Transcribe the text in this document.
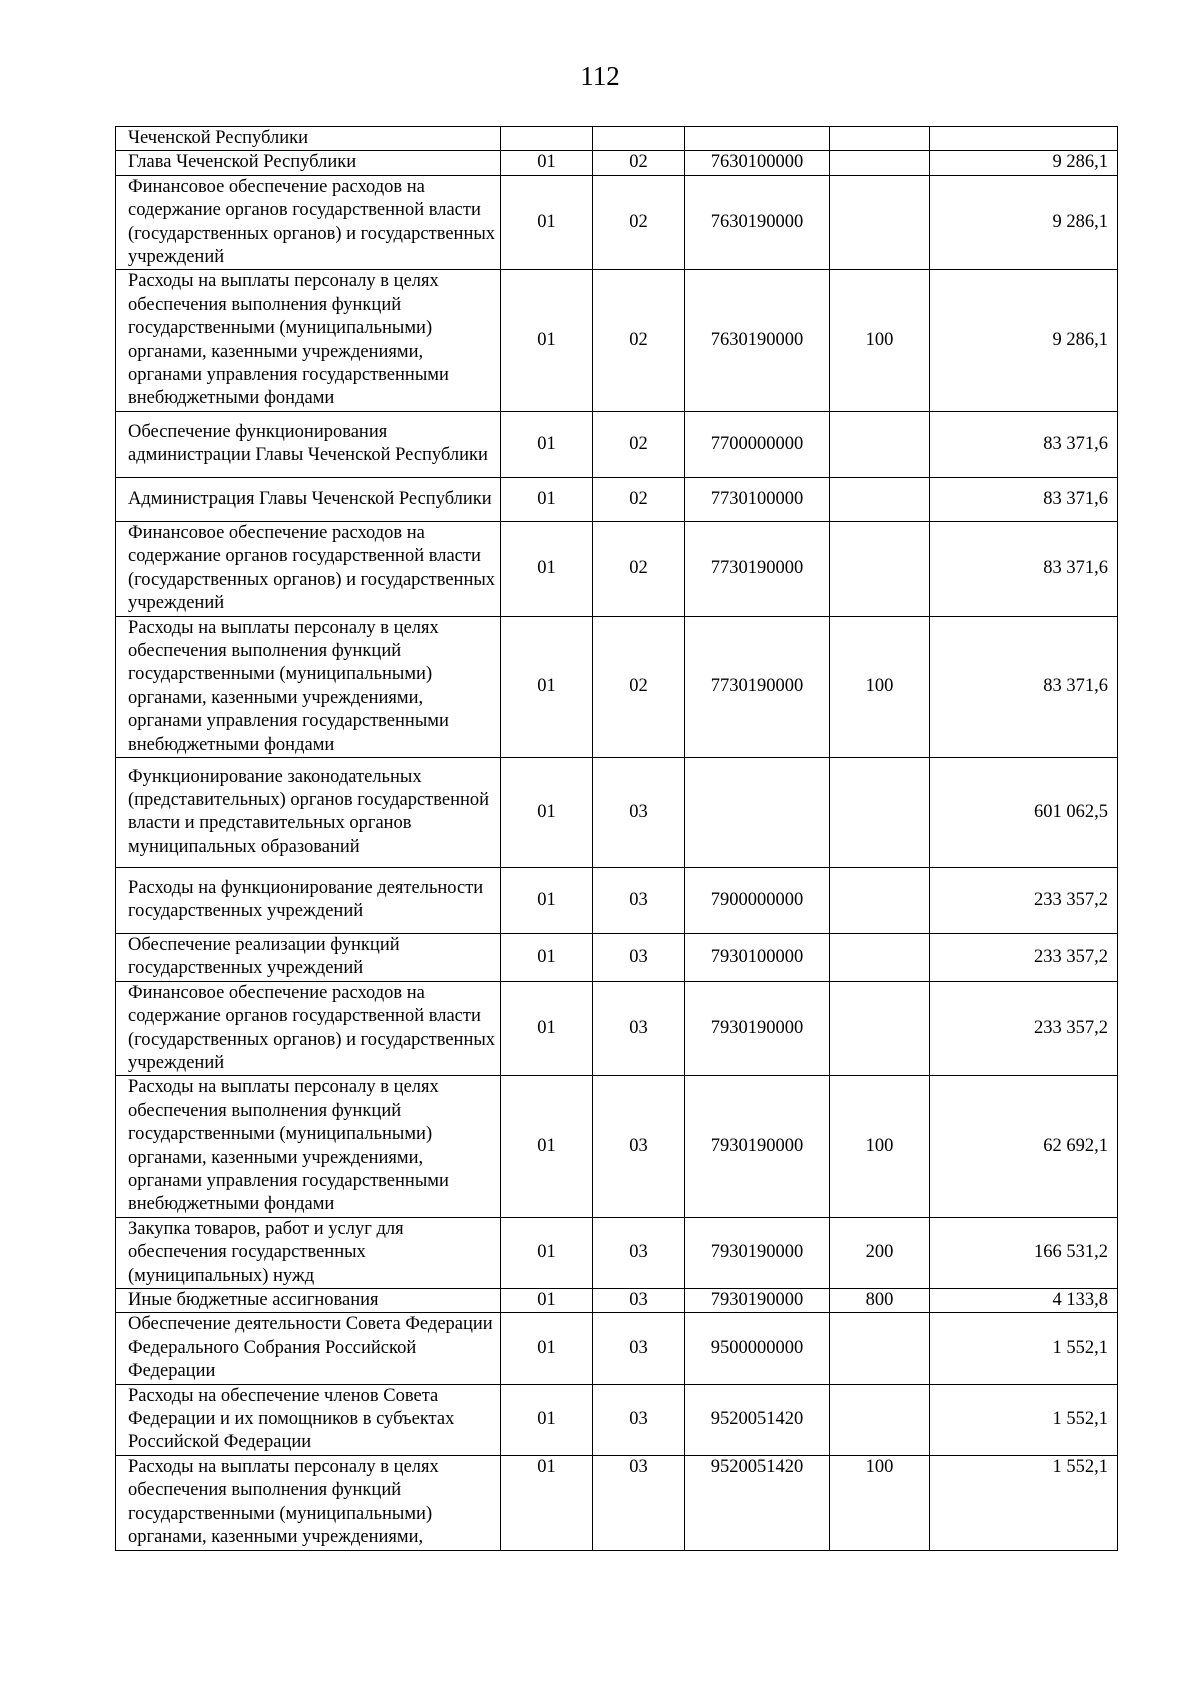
112
Чеченской Республики					
Глава Чеченской Республики	01	02	7630100000		9 286,1
Финансовое обеспечение расходов на содержание органов государственной власти (государственных органов) и государственных учреждений	01	02	7630190000		9 286,1
Расходы на выплаты персоналу в целях обеспечения выполнения функций государственными (муниципальными) органами, казенными учреждениями, органами управления государственными внебюджетными фондами	01	02	7630190000	100	9 286,1
Обеспечение функционирования администрации Главы Чеченской Республики	01	02	7700000000		83 371,6
Администрация Главы Чеченской Республики	01	02	7730100000		83 371,6
Финансовое обеспечение расходов на содержание органов государственной власти (государственных органов) и государственных учреждений	01	02	7730190000		83 371,6
Расходы на выплаты персоналу в целях обеспечения выполнения функций государственными (муниципальными) органами, казенными учреждениями, органами управления государственными внебюджетными фондами	01	02	7730190000	100	83 371,6
Функционирование законодательных (представительных) органов государственной власти и представительных органов муниципальных образований	01	03			601 062,5
Расходы на функционирование деятельности государственных учреждений	01	03	7900000000		233 357,2
Обеспечение реализации функций государственных учреждений	01	03	7930100000		233 357,2
Финансовое обеспечение расходов на содержание органов государственной власти (государственных органов) и государственных учреждений	01	03	7930190000		233 357,2
Расходы на выплаты персоналу в целях обеспечения выполнения функций государственными (муниципальными) органами, казенными учреждениями, органами управления государственными внебюджетными фондами	01	03	7930190000	100	62 692,1
Закупка товаров, работ и услуг для обеспечения государственных (муниципальных) нужд	01	03	7930190000	200	166 531,2
Иные бюджетные ассигнования	01	03	7930190000	800	4 133,8
Обеспечение деятельности Совета Федерации Федерального Собрания Российской Федерации	01	03	9500000000		1 552,1
Расходы на обеспечение членов Совета Федерации и их помощников в субъектах Российской Федерации	01	03	9520051420		1 552,1
Расходы на выплаты персоналу в целях обеспечения выполнения функций государственными (муниципальными) органами, казенными учреждениями,	01	03	9520051420	100	1 552,1
